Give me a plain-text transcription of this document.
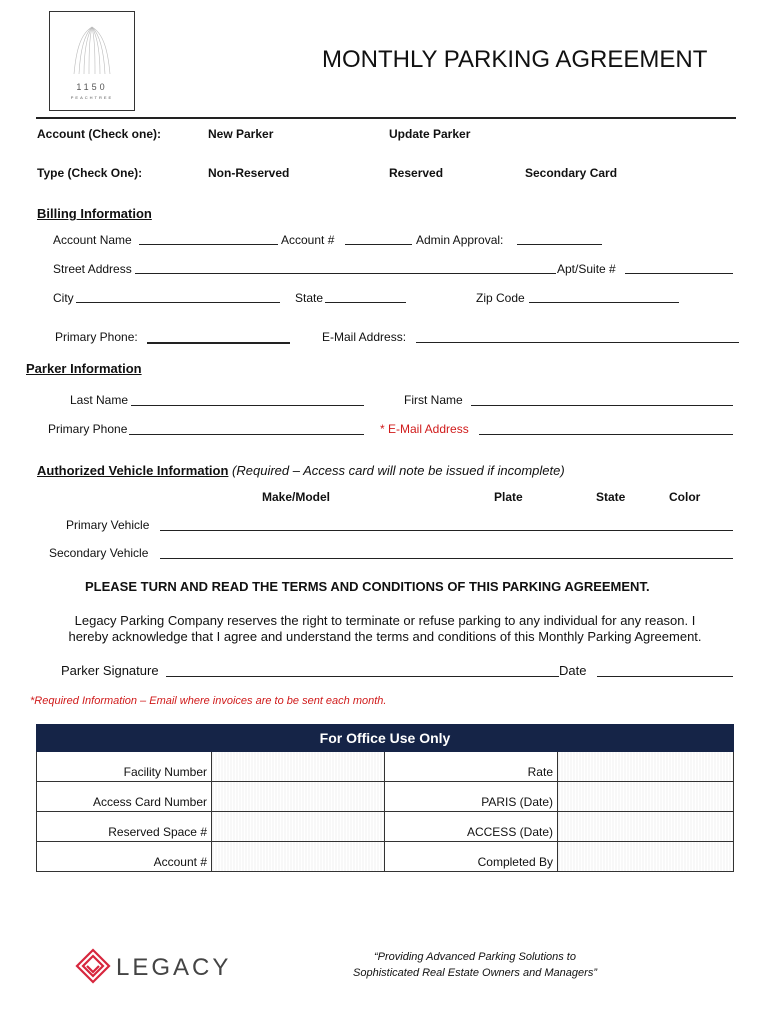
1150
PEACHTREE
MONTHLY PARKING AGREEMENT
Account (Check one):	New Parker	Update Parker
Type (Check One):	Non-Reserved	Reserved	Secondary Card
Billing Information
Account Name	Account #	Admin Approval:
Street Address	Apt/Suite #
City	State	Zip Code
Primary Phone:	E-Mail Address:
Parker Information
Last Name	First Name
Primary Phone	* E-Mail Address
Authorized Vehicle Information (Required – Access card will note be issued if incomplete)
Make/Model	Plate	State	Color
Primary Vehicle
Secondary Vehicle
PLEASE TURN AND READ THE TERMS AND CONDITIONS OF THIS PARKING AGREEMENT.
Legacy Parking Company reserves the right to terminate or refuse parking to any individual for any reason. I
hereby acknowledge that I agree and understand the terms and conditions of this Monthly Parking Agreement.
Parker Signature	Date
*Required Information – Email where invoices are to be sent each month.
For Office Use Only			
Facility Number		Rate	
Access Card Number		PARIS (Date)	
Reserved Space #		ACCESS (Date)	
Account #		Completed By	
LEGACY	“Providing Advanced Parking Solutions to
Sophisticated Real Estate Owners and Managers”
